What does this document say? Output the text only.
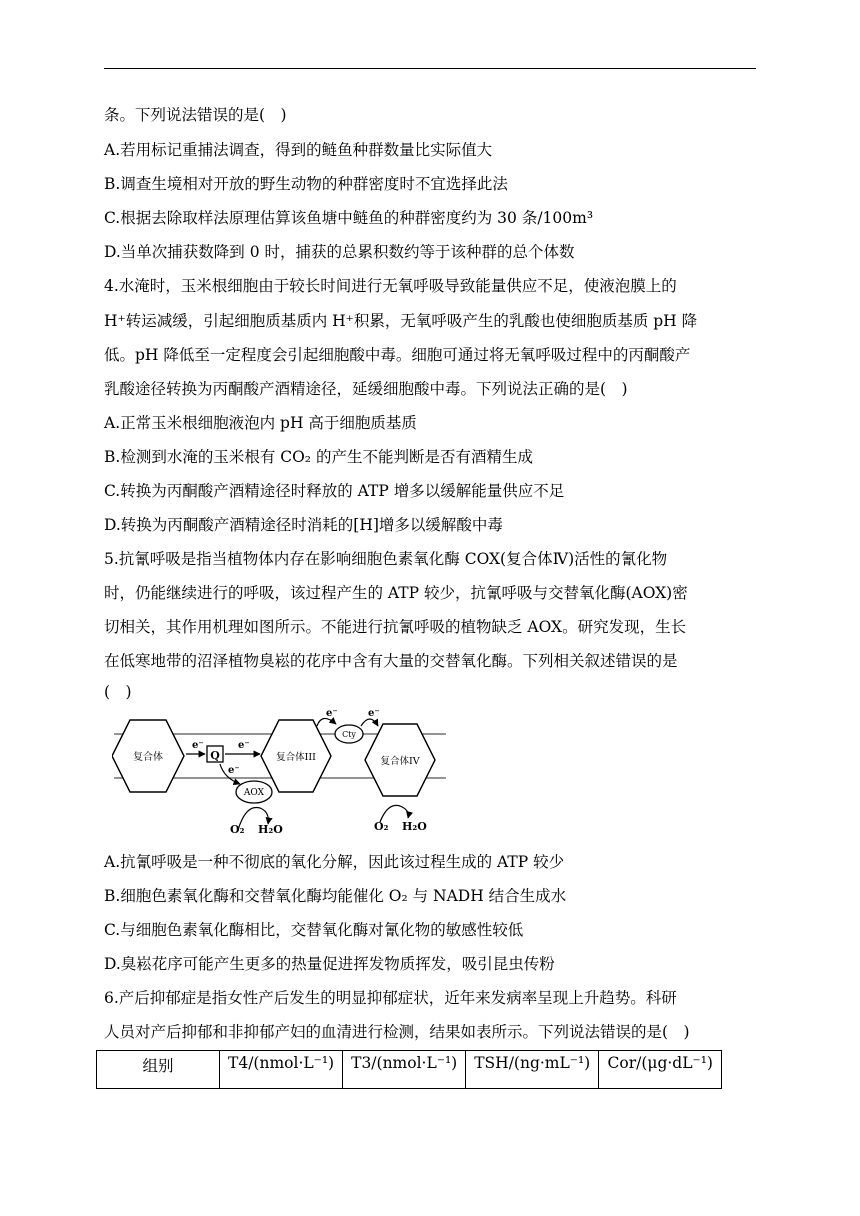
条。下列说法错误的是(　)
A.若用标记重捕法调查，得到的鲢鱼种群数量比实际值大
B.调查生境相对开放的野生动物的种群密度时不宜选择此法
C.根据去除取样法原理估算该鱼塘中鲢鱼的种群密度约为 30 条/100m³
D.当单次捕获数降到 0 时，捕获的总累积数约等于该种群的总个体数
4.水淹时，玉米根细胞由于较长时间进行无氧呼吸导致能量供应不足，使液泡膜上的
H⁺转运减缓，引起细胞质基质内 H⁺积累，无氧呼吸产生的乳酸也使细胞质基质 pH 降
低。pH 降低至一定程度会引起细胞酸中毒。细胞可通过将无氧呼吸过程中的丙酮酸产
乳酸途径转换为丙酮酸产酒精途径，延缓细胞酸中毒。下列说法正确的是(　)
A.正常玉米根细胞液泡内 pH 高于细胞质基质
B.检测到水淹的玉米根有 CO₂ 的产生不能判断是否有酒精生成
C.转换为丙酮酸产酒精途径时释放的 ATP 增多以缓解能量供应不足
D.转换为丙酮酸产酒精途径时消耗的[H]增多以缓解酸中毒
5.抗氰呼吸是指当植物体内存在影响细胞色素氧化酶 COX(复合体Ⅳ)活性的氰化物
时，仍能继续进行的呼吸，该过程产生的 ATP 较少，抗氰呼吸与交替氧化酶(AOX)密
切相关，其作用机理如图所示。不能进行抗氰呼吸的植物缺乏 AOX。研究发现，生长
在低寒地带的沼泽植物臭崧的花序中含有大量的交替氧化酶。下列相关叙述错误的是
(　)
复合体
e⁻
Q
e⁻
e⁻
复合体III
Cty
e⁻	e⁻
复合体IV
AOX
O₂ H₂O	O₂ H₂O
A.抗氰呼吸是一种不彻底的氧化分解，因此该过程生成的 ATP 较少
B.细胞色素氧化酶和交替氧化酶均能催化 O₂ 与 NADH 结合生成水
C.与细胞色素氧化酶相比，交替氧化酶对氰化物的敏感性较低
D.臭崧花序可能产生更多的热量促进挥发物质挥发，吸引昆虫传粉
6.产后抑郁症是指女性产后发生的明显抑郁症状，近年来发病率呈现上升趋势。科研
人员对产后抑郁和非抑郁产妇的血清进行检测，结果如表所示。下列说法错误的是(　)
组别	T4/(nmol·L⁻¹)	T3/(nmol·L⁻¹)	TSH/(ng·mL⁻¹)	Cor/(μg·dL⁻¹)
